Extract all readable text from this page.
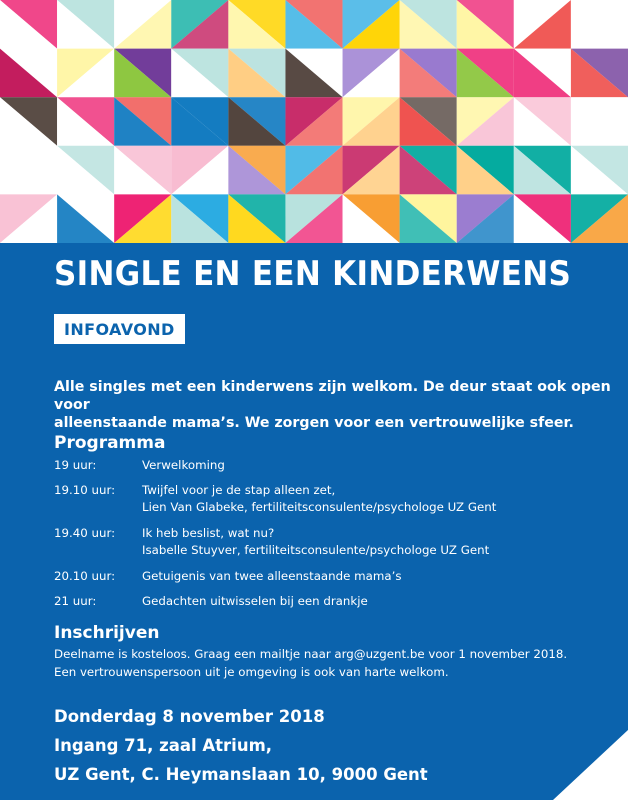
SINGLE EN EEN KINDERWENS
INFOAVOND

Alle singles met een kinderwens zijn welkom. De deur staat ook open voor
alleenstaande mama’s. We zorgen voor een vertrouwelijke sfeer.

Programma
19 uur:	Verwelkoming
19.10 uur: Twijfel voor je de stap alleen zet,
Lien Van Glabeke, fertiliteitsconsulente/psychologe UZ Gent
19.40 uur: Ik heb beslist, wat nu?
Isabelle Stuyver, fertiliteitsconsulente/psychologe UZ Gent
20.10 uur: Getuigenis van twee alleenstaande mama’s
21 uur:	Gedachten uitwisselen bij een drankje
Inschrijven
Deelname is kosteloos. Graag een mailtje naar arg@uzgent.be voor 1 november 2018.
Een vertrouwenspersoon uit je omgeving is ook van harte welkom.
Donderdag 8 november 2018
Ingang 71, zaal Atrium,
UZ Gent, C. Heymanslaan 10, 9000 Gent
